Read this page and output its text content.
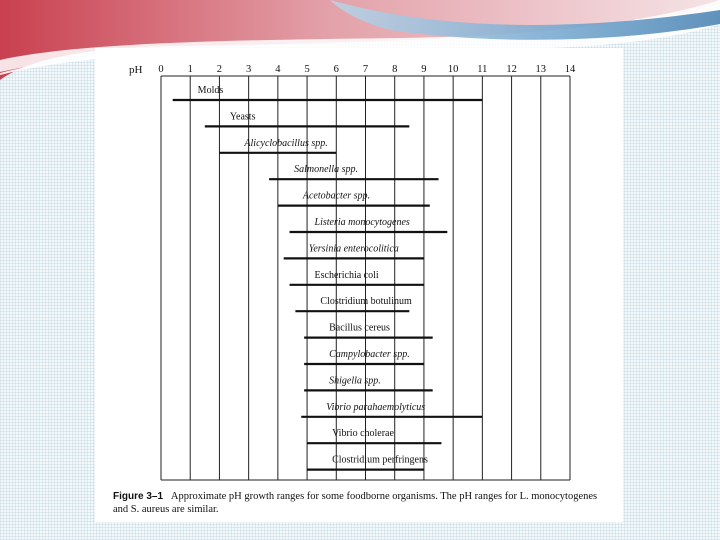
pH 0 1 2 3 4 5 6 7 8 9 10 11 12 13 14
Molds
Yeasts
Alicyclobacillus spp.
Salmonella spp.
Acetobacter spp.
Listeria monocytogenes
Yersinia enterocolitica
Escherichia coli
Clostridium botulinum
Bacillus cereus
Campylobacter spp.
Shigella spp.
Vibrio parahaemolyticus
Vibrio cholerae
Clostridium perfringens
Figure 3–1 Approximate pH growth ranges for some foodborne organisms. The pH ranges for L. monocytogenes and S. aureus are similar.
